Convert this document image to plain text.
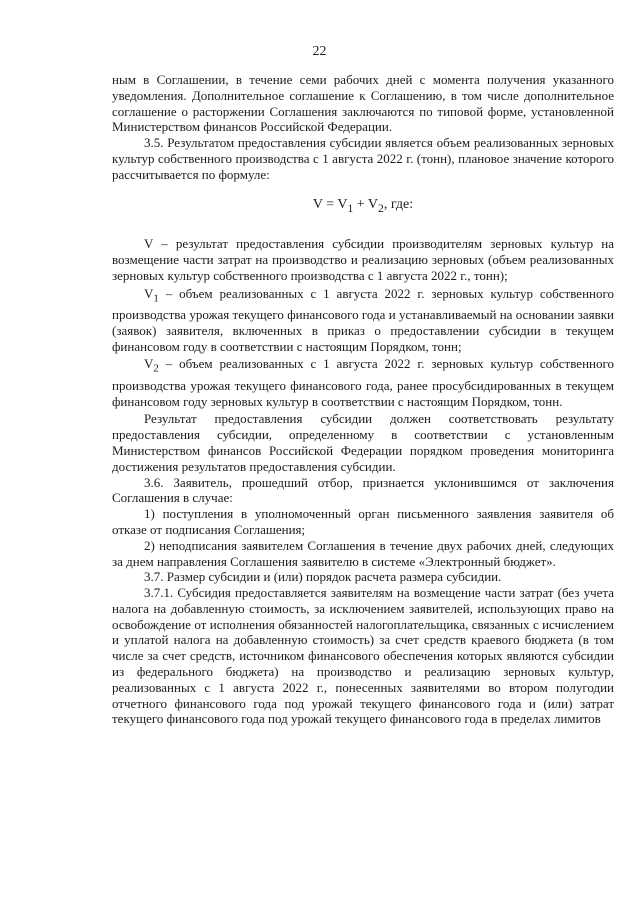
22

ным в Соглашении, в течение семи рабочих дней с момента получения указанного уведомления. Дополнительное соглашение к Соглашению, в том числе дополнительное соглашение о расторжении Соглашения заключаются по типовой форме, установленной Министерством финансов Российской Федерации.

3.5. Результатом предоставления субсидии является объем реализованных зерновых культур собственного производства с 1 августа 2022 г. (тонн), плановое значение которого рассчитывается по формуле:

$V = V_1 + V_2$, где:

V – результат предоставления субсидии производителям зерновых культур на возмещение части затрат на производство и реализацию зерновых (объем реализованных зерновых культур собственного производства с 1 августа 2022 г., тонн);

$V_1$ – объем реализованных с 1 августа 2022 г. зерновых культур собственного производства урожая текущего финансового года и устанавливаемый на основании заявки (заявок) заявителя, включенных в приказ о предоставлении субсидии в текущем финансовом году в соответствии с настоящим Порядком, тонн;

$V_2$ – объем реализованных с 1 августа 2022 г. зерновых культур собственного производства урожая текущего финансового года, ранее просубсидированных в текущем финансовом году зерновых культур в соответствии с настоящим Порядком, тонн.

Результат предоставления субсидии должен соответствовать результату предоставления субсидии, определенному в соответствии с установленным Министерством финансов Российской Федерации порядком проведения мониторинга достижения результатов предоставления субсидии.

3.6. Заявитель, прошедший отбор, признается уклонившимся от заключения Соглашения в случае:

1) поступления в уполномоченный орган письменного заявления заявителя об отказе от подписания Соглашения;

2) неподписания заявителем Соглашения в течение двух рабочих дней, следующих за днем направления Соглашения заявителю в системе «Электронный бюджет».

3.7. Размер субсидии и (или) порядок расчета размера субсидии.

3.7.1. Субсидия предоставляется заявителям на возмещение части затрат (без учета налога на добавленную стоимость, за исключением заявителей, использующих право на освобождение от исполнения обязанностей налогоплательщика, связанных с исчислением и уплатой налога на добавленную стоимость) за счет средств краевого бюджета (в том числе за счет средств, источником финансового обеспечения которых являются субсидии из федерального бюджета) на производство и реализацию зерновых культур, реализованных с 1 августа 2022 г., понесенных заявителями во втором полугодии отчетного финансового года под урожай текущего финансового года и (или) затрат текущего финансового года под урожай текущего финансового года в пределах лимитов
